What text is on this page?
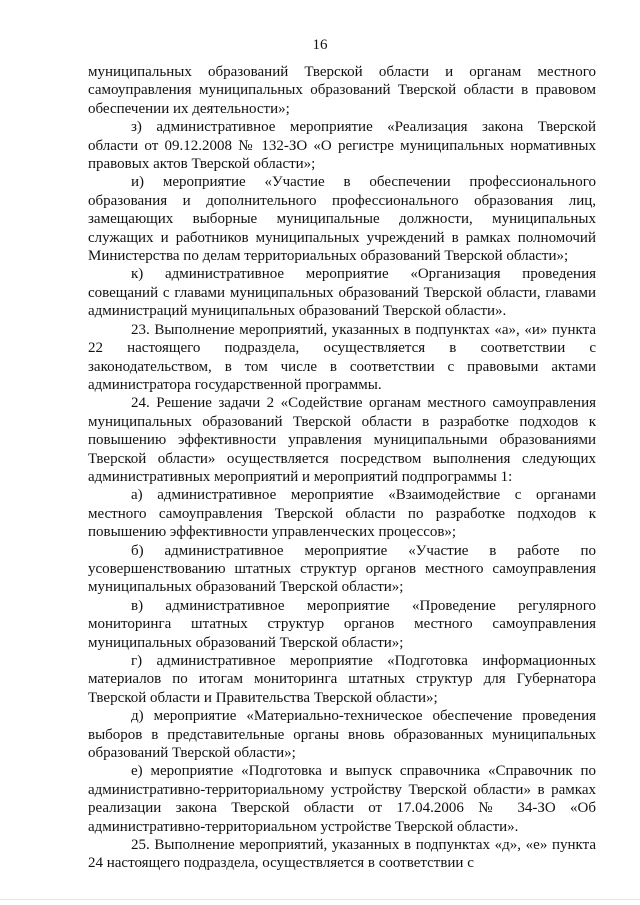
16

муниципальных образований Тверской области и органам местного самоуправления муниципальных образований Тверской области в правовом обеспечении их деятельности»;

з) административное мероприятие «Реализация закона Тверской области от 09.12.2008 № 132-ЗО «О регистре муниципальных нормативных правовых актов Тверской области»;

и) мероприятие «Участие в обеспечении профессионального образования и дополнительного профессионального образования лиц, замещающих выборные муниципальные должности, муниципальных служащих и работников муниципальных учреждений в рамках полномочий Министерства по делам территориальных образований Тверской области»;

к) административное мероприятие «Организация проведения совещаний с главами муниципальных образований Тверской области, главами администраций муниципальных образований Тверской области».

23. Выполнение мероприятий, указанных в подпунктах «а», «и» пункта 22 настоящего подраздела, осуществляется в соответствии с законодательством, в том числе в соответствии с правовыми актами администратора государственной программы.

24. Решение задачи 2 «Содействие органам местного самоуправления муниципальных образований Тверской области в разработке подходов к повышению эффективности управления муниципальными образованиями Тверской области» осуществляется посредством выполнения следующих административных мероприятий и мероприятий подпрограммы 1:

а) административное мероприятие «Взаимодействие с органами местного самоуправления Тверской области по разработке подходов к повышению эффективности управленческих процессов»;

б) административное мероприятие «Участие в работе по усовершенствованию штатных структур органов местного самоуправления муниципальных образований Тверской области»;

в) административное мероприятие «Проведение регулярного мониторинга штатных структур органов местного самоуправления муниципальных образований Тверской области»;

г) административное мероприятие «Подготовка информационных материалов по итогам мониторинга штатных структур для Губернатора Тверской области и Правительства Тверской области»;

д) мероприятие «Материально-техническое обеспечение проведения выборов в представительные органы вновь образованных муниципальных образований Тверской области»;

е) мероприятие «Подготовка и выпуск справочника «Справочник по административно-территориальному устройству Тверской области» в рамках реализации закона Тверской области от 17.04.2006 № 34-ЗО «Об административно-территориальном устройстве Тверской области».

25. Выполнение мероприятий, указанных в подпунктах «д», «е» пункта 24 настоящего подраздела, осуществляется в соответствии с
